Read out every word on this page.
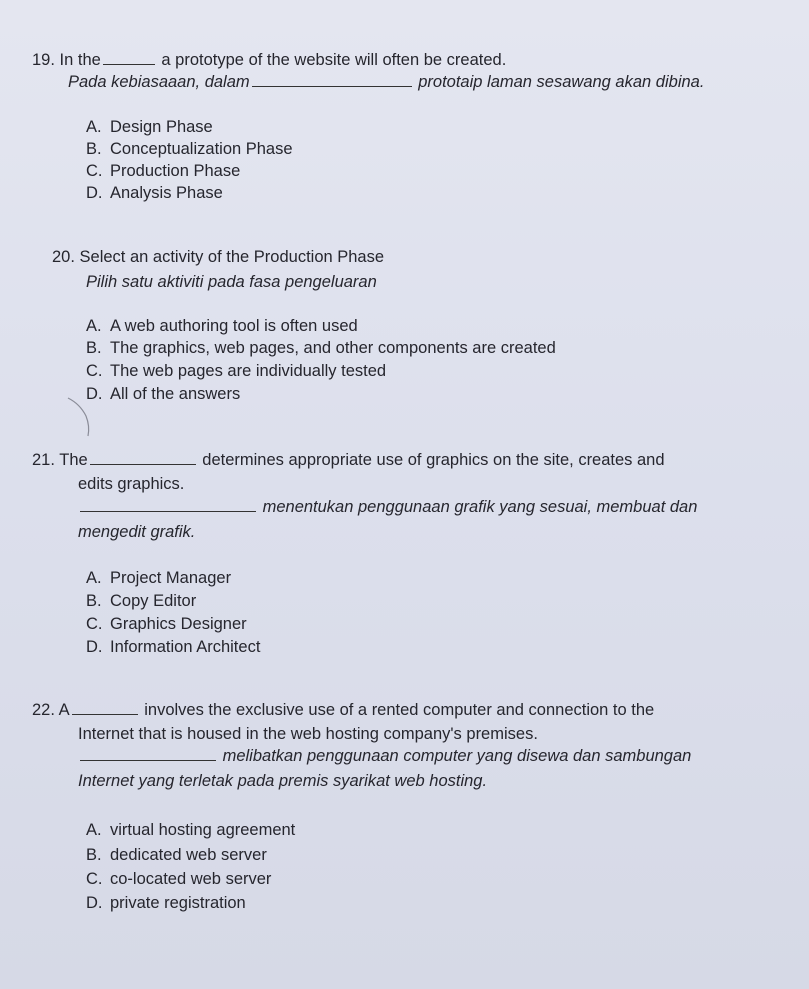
19. In the	a prototype of the website will often be created.
Pada kebiasaaan, dalam	prototaip laman sesawang akan dibina.
A. Design Phase
B. Conceptualization Phase
C. Production Phase
D. Analysis Phase
20. Select an activity of the Production Phase
Pilih satu aktiviti pada fasa pengeluaran
A. A web authoring tool is often used
B. The graphics, web pages, and other components are created
C. The web pages are individually tested
D. All of the answers
21. The	determines appropriate use of graphics on the site, creates and
edits graphics.
menentukan penggunaan grafik yang sesuai, membuat dan
mengedit grafik.
A. Project Manager
B. Copy Editor
C. Graphics Designer
D. Information Architect
22. A	involves the exclusive use of a rented computer and connection to the
Internet that is housed in the web hosting company's premises.
melibatkan penggunaan computer yang disewa dan sambungan
Internet yang terletak pada premis syarikat web hosting.
A. virtual hosting agreement
B. dedicated web server
C. co-located web server
D. private registration
